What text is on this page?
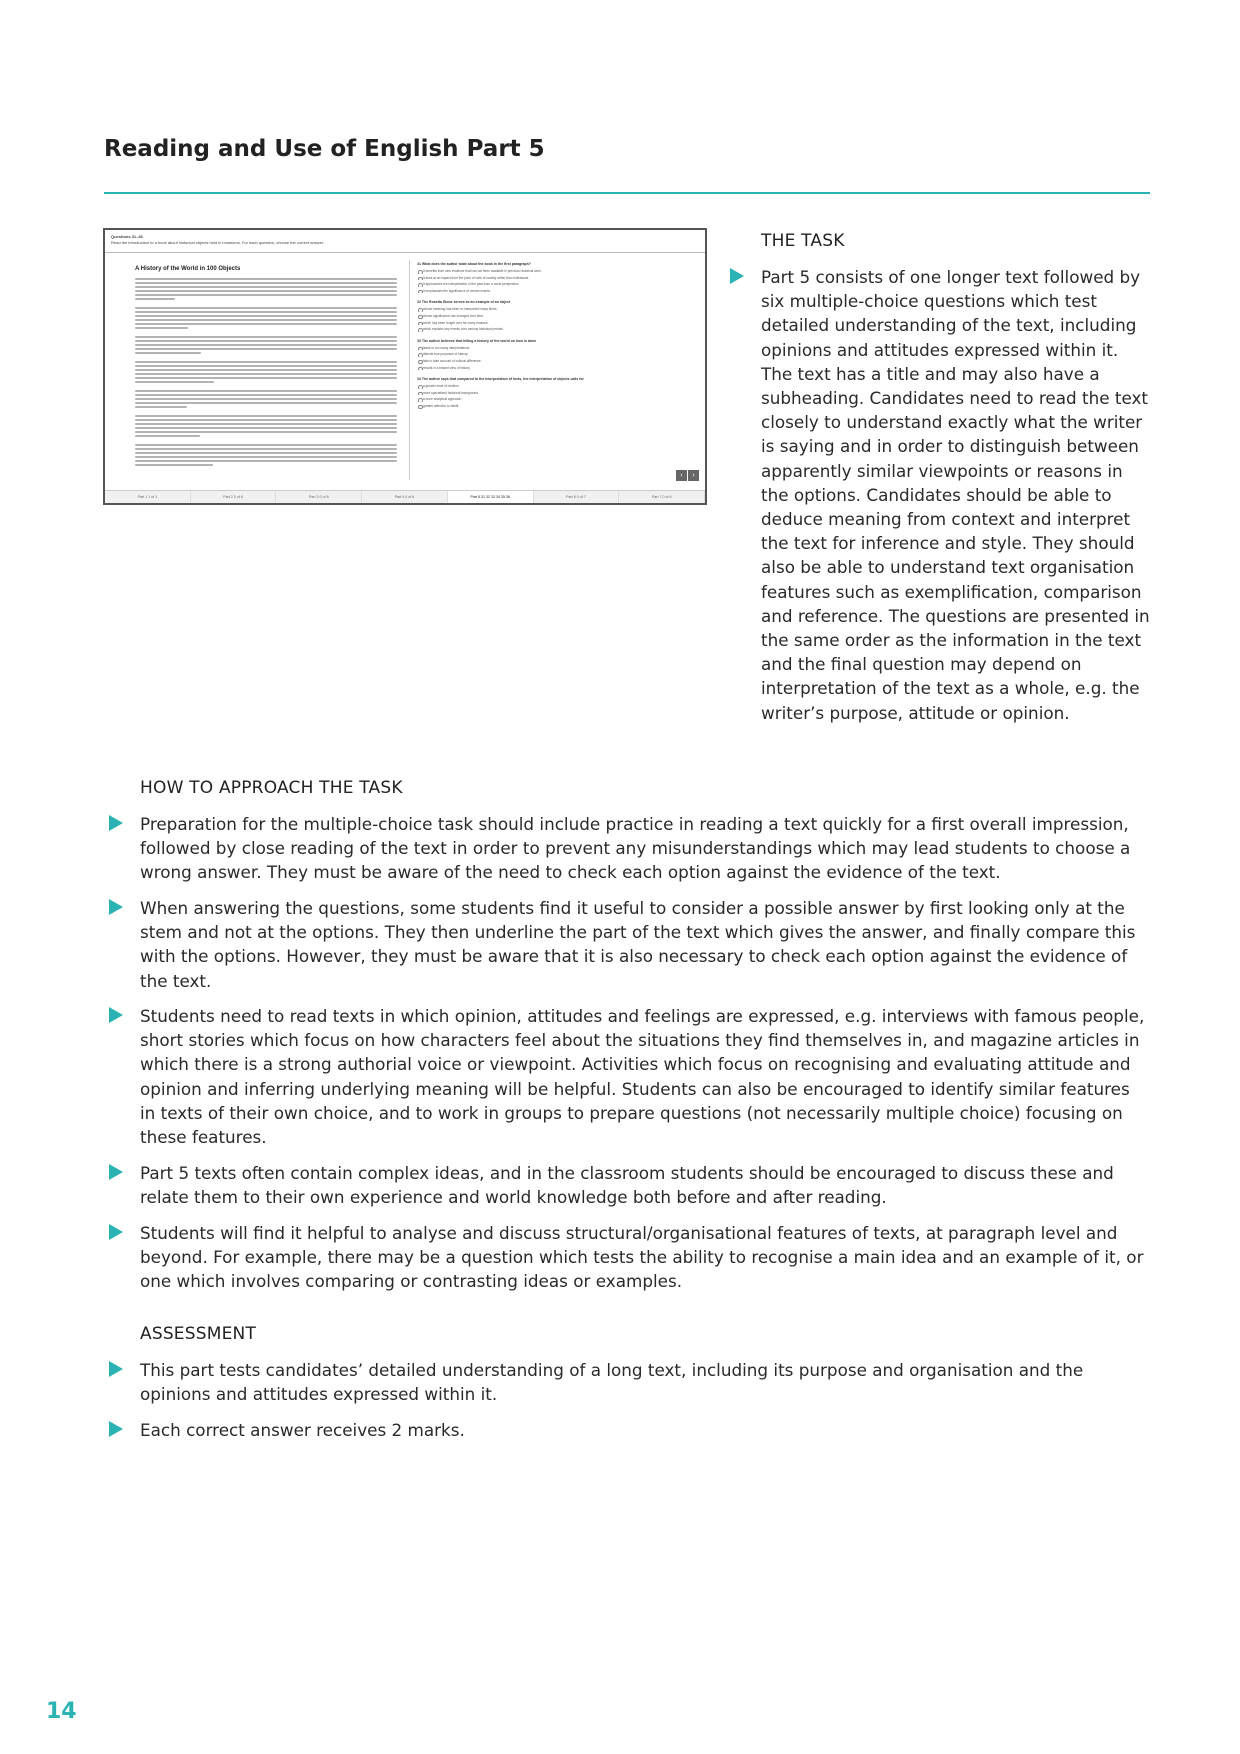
Reading and Use of English Part 5
Questions 31–36
Read the introduction to a book about historical objects held in museums. For each question, choose the correct answer.
A History of the World in 100 Objects
31 What does the author state about the book in the first paragraph?
It benefits from new evidence that has not been available in previous historical work.
It aims at an impact from the point of view of society rather than individuals.
It approaches the interpretation of the past from a novel perspective.
It emphasises the significance of certain events.
32 The Rosetta Stone serves as an example of an object
whose meaning has been re-interpreted many times.
whose significance has changed over time.
which has been fought over for many reasons.
which explains key events over various historical periods.
33 The author believes that telling a history of the world on how is done
leads to too many interpretations.
distorts true purposes of history.
fails to take account of cultural difference.
results in a biased view of history.
34 The author says that compared to the interpretation of texts, the interpretation of objects calls for
a greater level of intuition.
more specialised historical background.
a more analytical approach.
greater attention to detail.
‹	›
Part 1 1 of 1	Part 2 0 of 8	Part 3 0 of 8	Part 4 0 of 6	Part 5 31 32 33 34 35 36	Part 6 0 of 7	Part 7 0 of 6
THE TASK
Part 5 consists of one longer text followed by six multiple-choice questions which test detailed understanding of the text, including opinions and attitudes expressed within it. The text has a title and may also have a subheading. Candidates need to read the text closely to understand exactly what the writer is saying and in order to distinguish between apparently similar viewpoints or reasons in the options. Candidates should be able to deduce meaning from context and interpret the text for inference and style. They should also be able to understand text organisation features such as exemplification, comparison and reference. The questions are presented in the same order as the information in the text and the final question may depend on interpretation of the text as a whole, e.g. the writer’s purpose, attitude or opinion.
HOW TO APPROACH THE TASK
Preparation for the multiple-choice task should include practice in reading a text quickly for a first overall impression, followed by close reading of the text in order to prevent any misunderstandings which may lead students to choose a wrong answer. They must be aware of the need to check each option against the evidence of the text.
When answering the questions, some students find it useful to consider a possible answer by first looking only at the stem and not at the options. They then underline the part of the text which gives the answer, and finally compare this with the options. However, they must be aware that it is also necessary to check each option against the evidence of the text.
Students need to read texts in which opinion, attitudes and feelings are expressed, e.g. interviews with famous people, short stories which focus on how characters feel about the situations they find themselves in, and magazine articles in which there is a strong authorial voice or viewpoint. Activities which focus on recognising and evaluating attitude and opinion and inferring underlying meaning will be helpful. Students can also be encouraged to identify similar features in texts of their own choice, and to work in groups to prepare questions (not necessarily multiple choice) focusing on these features.
Part 5 texts often contain complex ideas, and in the classroom students should be encouraged to discuss these and relate them to their own experience and world knowledge both before and after reading.
Students will find it helpful to analyse and discuss structural/organisational features of texts, at paragraph level and beyond. For example, there may be a question which tests the ability to recognise a main idea and an example of it, or one which involves comparing or contrasting ideas or examples.
ASSESSMENT
This part tests candidates’ detailed understanding of a long text, including its purpose and organisation and the opinions and attitudes expressed within it.
Each correct answer receives 2 marks.
14
